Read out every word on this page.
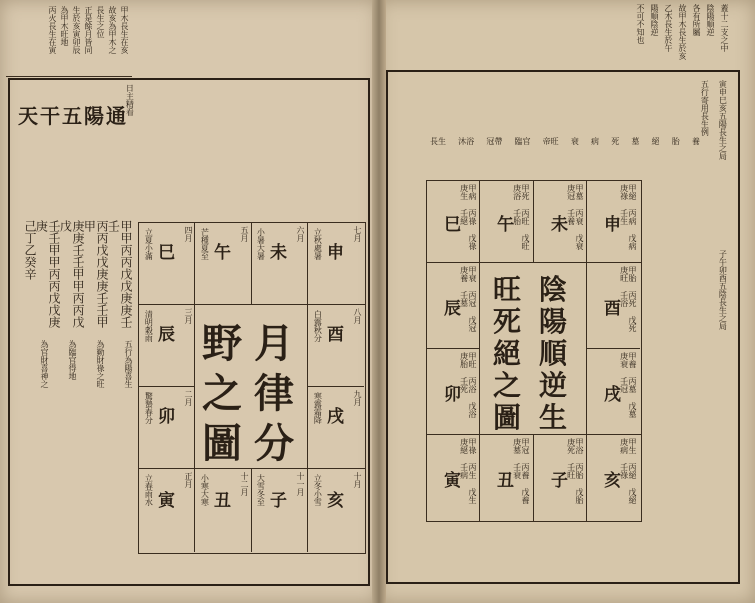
甲木長生在亥
故亥為甲木之
長生之位
正是餘月皆同
生於亥寅卯辰
為甲木旺地
丙火長生在寅
日主精看
天干五陽通
甲甲丙丙戊戊庚庚壬壬
丙丙戊戊庚庚壬壬甲甲
庚庚壬壬甲甲丙丙戊戊
壬壬甲甲丙丙戊戊庚庚
己丁乙癸辛
五行為陽喜生
為勤財祿之旺
為臨官得地
為官財喜神之
申
七月
立秋處暑
未
六月
小暑大暑
午
五月
芒種夏至
巳
四月
立夏小滿
酉
八月
白露秋分
辰
三月
清明穀雨
戌
九月
寒露霜降
卯
二月
驚蟄春分
亥
十月
立冬小雪
子
十一月
大雪冬至
丑
十二月
小寒大寒
寅
正月
立春雨水
月
律
分
野
之
圖
蓋十二支之中
陰陽順逆
各有所屬
故甲木長生於亥
乙木長生於午
陽順陰逆
不可不知也
寅申巳亥五陽長生之局
五行寄用長生例
子午卯酉五陰長生之局
長生 沐浴 冠帶 臨官 帝旺 衰 病 死 墓 絕 胎 養
申 甲絕 丙病 戊病 庚祿 壬生
未 甲墓 丙衰 戊衰 庚冠 壬養
午 甲死 丙旺 戊旺 庚浴 壬胎
巳 甲病 丙祿 戊祿 庚生 壬絕
酉 甲胎 丙死 戊死 庚旺 壬浴
辰 甲衰 丙冠 戊冠 庚養 壬墓
戌 甲養 丙墓 戊墓 庚衰 壬冠
卯 甲旺 丙浴 戊浴 庚胎 壬死
亥 甲生 丙絕 戊絕 庚病 壬祿
子 甲浴 丙胎 戊胎 庚死 壬旺
丑 甲冠 丙養 戊養 庚墓 壬衰
寅 甲祿 丙生 戊生 庚絕 壬病
陰
陽
順
逆
生
旺
死
絕
之
圖
